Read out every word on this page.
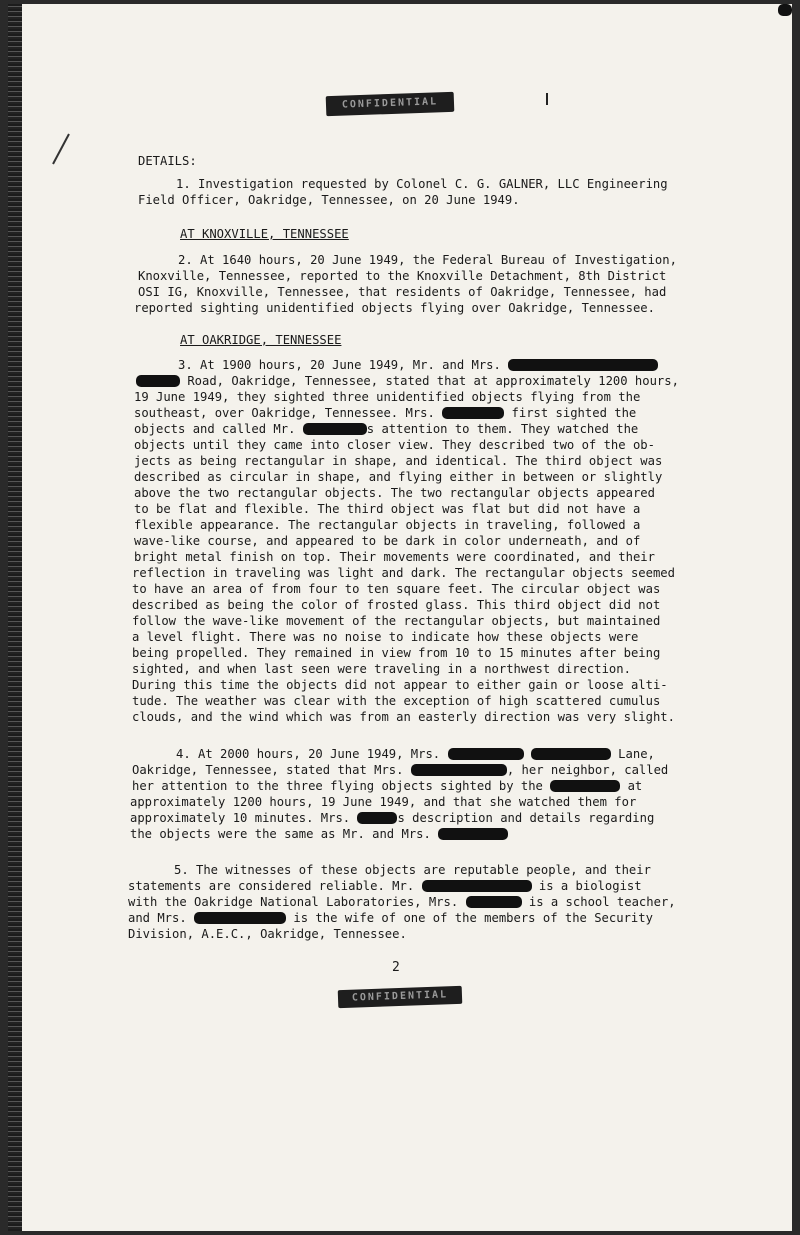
CONFIDENTIAL
DETAILS:
1. Investigation requested by Colonel C. G. GALNER, LLC Engineering
Field Officer, Oakridge, Tennessee, on 20 June 1949.
AT KNOXVILLE, TENNESSEE
2. At 1640 hours, 20 June 1949, the Federal Bureau of Investigation,
Knoxville, Tennessee, reported to the Knoxville Detachment, 8th District
OSI IG, Knoxville, Tennessee, that residents of Oakridge, Tennessee, had
reported sighting unidentified objects flying over Oakridge, Tennessee.
AT OAKRIDGE, TENNESSEE
3. At 1900 hours, 20 June 1949, Mr. and Mrs.
Road, Oakridge, Tennessee, stated that at approximately 1200 hours,
19 June 1949, they sighted three unidentified objects flying from the
southeast, over Oakridge, Tennessee. Mrs.	first sighted the
objects and called Mr.	s attention to them. They watched the
objects until they came into closer view. They described two of the ob-
jects as being rectangular in shape, and identical. The third object was
described as circular in shape, and flying either in between or slightly
above the two rectangular objects. The two rectangular objects appeared
to be flat and flexible. The third object was flat but did not have a
flexible appearance. The rectangular objects in traveling, followed a
wave-like course, and appeared to be dark in color underneath, and of
bright metal finish on top. Their movements were coordinated, and their
reflection in traveling was light and dark. The rectangular objects seemed
to have an area of from four to ten square feet. The circular object was
described as being the color of frosted glass. This third object did not
follow the wave-like movement of the rectangular objects, but maintained
a level flight. There was no noise to indicate how these objects were
being propelled. They remained in view from 10 to 15 minutes after being
sighted, and when last seen were traveling in a northwest direction.
During this time the objects did not appear to either gain or loose alti-
tude. The weather was clear with the exception of high scattered cumulus
clouds, and the wind which was from an easterly direction was very slight.
4. At 2000 hours, 20 June 1949, Mrs.	Lane,
Oakridge, Tennessee, stated that Mrs.	, her neighbor, called
her attention to the three flying objects sighted by the	at
approximately 1200 hours, 19 June 1949, and that she watched them for
approximately 10 minutes. Mrs.	s description and details regarding
the objects were the same as Mr. and Mrs.
5. The witnesses of these objects are reputable people, and their
statements are considered reliable. Mr.	is a biologist
with the Oakridge National Laboratories, Mrs.	is a school teacher,
and Mrs.	is the wife of one of the members of the Security
Division, A.E.C., Oakridge, Tennessee.
2
CONFIDENTIAL
